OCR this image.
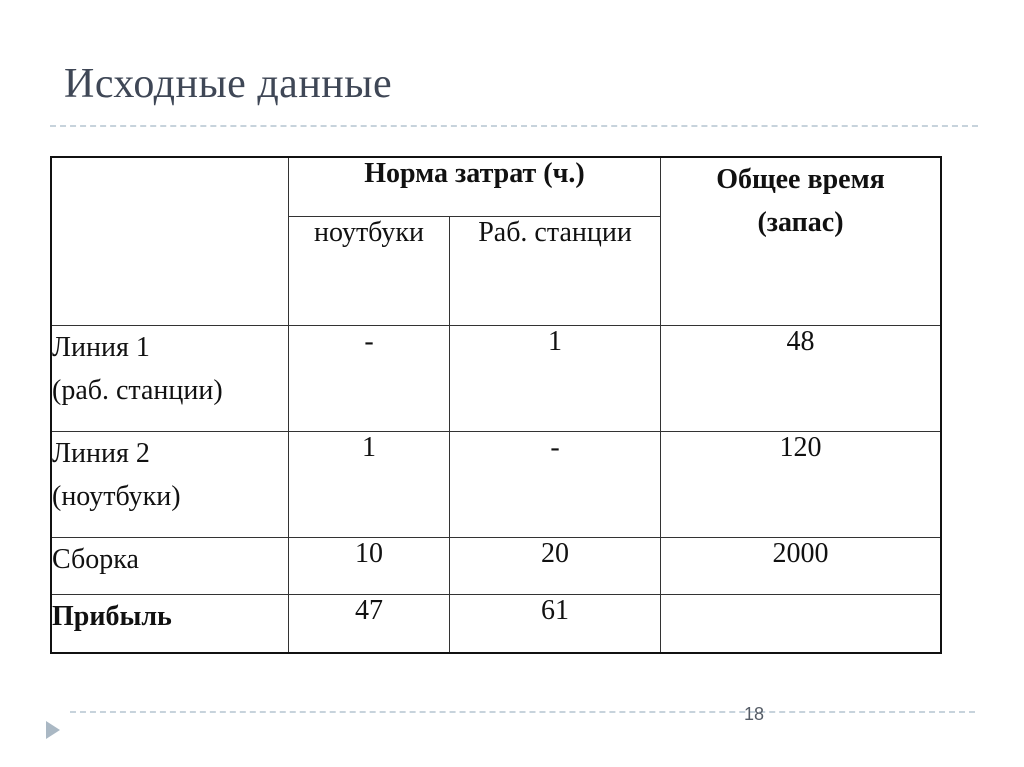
Исходные данные
	Норма затрат (ч.)		Общее время
(запас)

	ноутбуки	Раб. станции	

Линия 1
(раб. станции)	-	1	48

Линия 2
(ноутбуки)	1	-	120
Сборка	10	20	2000
Прибыль	47	61	
18
